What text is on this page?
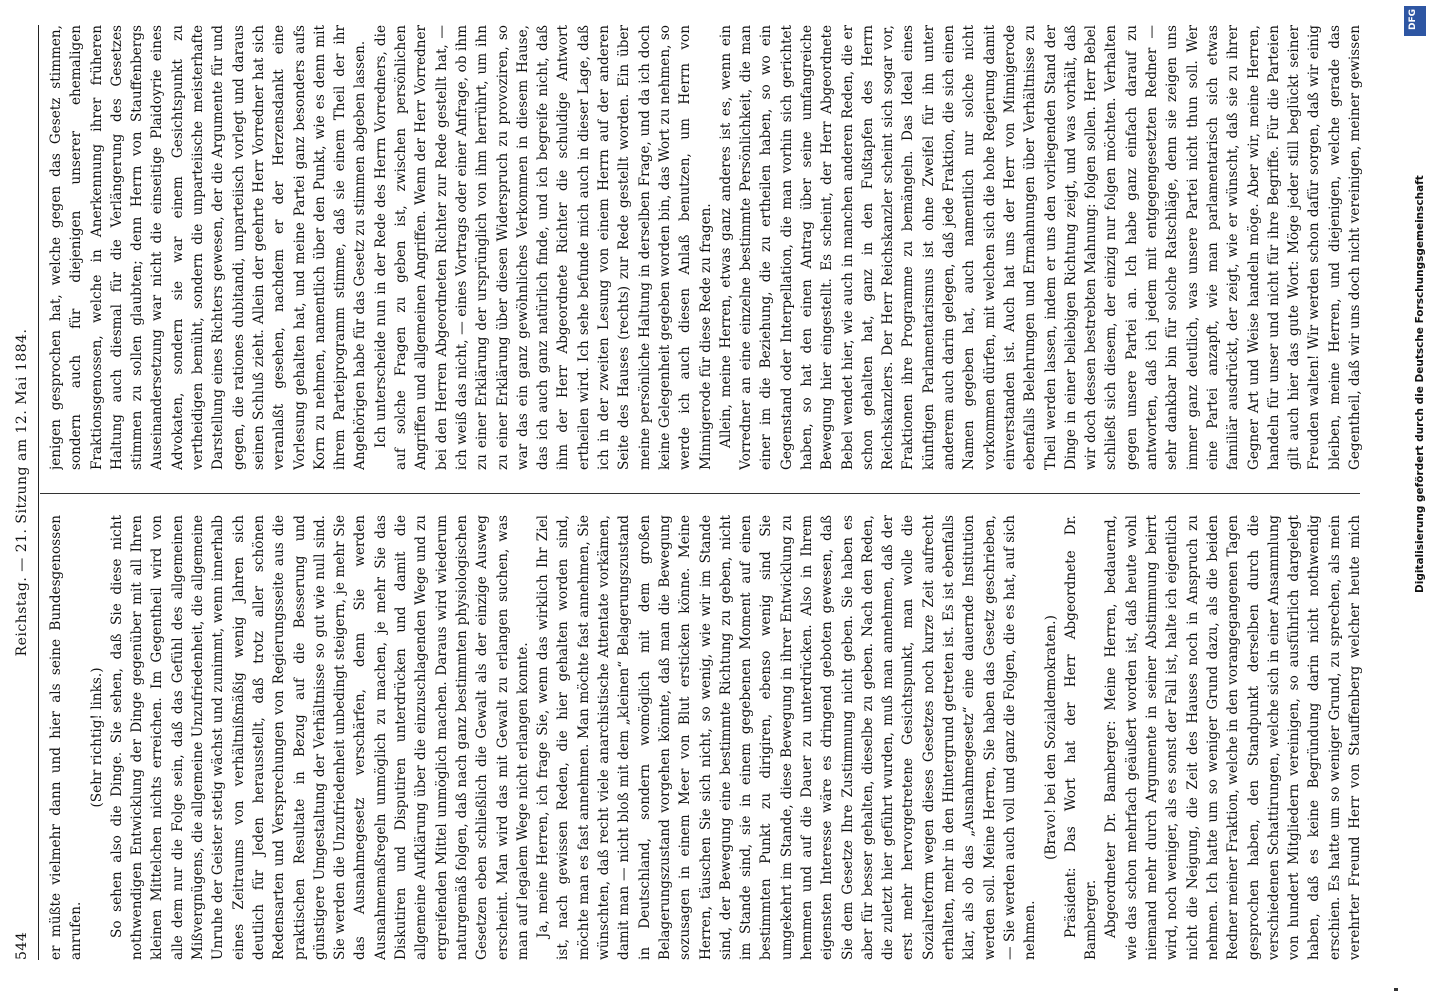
544
Reichstag. — 21. Sitzung am 12. Mai 1884.

er müßte vielmehr dann und hier als seine Bundesgenossen anrufen.

(Sehr richtig! links.) So sehen also die Dinge. Sie sehen, daß Sie diese nicht nothwendigen Entwicklung der Dinge gegenüber mit all Ihren kleinen Mittelchen nichts erreichen. Im Gegentheil wird von alle dem nur die Folge sein, daß das Gefühl des allgemeinen Mißvergnügens, die allgemeine Unzufriedenheit, die allgemeine Unruhe der Geister stetig wächst und zunimmt, wenn innerhalb eines Zeitraums von verhältnißmäßig wenig Jahren sich deutlich für Jeden herausstellt, daß trotz aller schönen Redensarten und Versprechungen von Regierungsseite aus die praktischen Resultate in Bezug auf die Besserung und günstigere Umgestaltung der Verhältnisse so gut wie null sind. Sie werden die Unzufriedenheit unbedingt steigern, je mehr Sie das Ausnahmegesetz verschärfen, denn Sie werden Ausnahmemaßregeln unmöglich zu machen, je mehr Sie das Diskutiren und Disputiren unterdrücken und damit die allgemeine Aufklärung über die einzuschlagenden Wege und zu ergreifenden Mittel unmöglich machen. Daraus wird wiederum naturgemäß folgen, daß nach ganz bestimmten physiologischen Gesetzen eben schließlich die Gewalt als der einzige Ausweg erscheint. Man wird das mit Gewalt zu erlangen suchen, was man auf legalem Wege nicht erlangen konnte. Ja, meine Herren, ich frage Sie, wenn das wirklich Ihr Ziel ist, nach gewissen Reden, die hier gehalten worden sind, möchte man es fast annehmen. Man möchte fast annehmen, Sie wünschten, daß recht viele anarchistische Attentate vorkämen, damit man — nicht bloß mit dem „kleinen“ Belagerungszustand in Deutschland, sondern womöglich mit dem großen Belagerungszustand vorgehen könnte, daß man die Bewegung sozusagen in einem Meer von Blut ersticken könne. Meine Herren, täuschen Sie sich nicht, so wenig, wie wir im Stande sind, der Bewegung eine bestimmte Richtung zu geben, nicht im Stande sind, sie in einem gegebenen Moment auf einen bestimmten Punkt zu dirigiren, ebenso wenig sind Sie umgekehrt im Stande, diese Bewegung in ihrer Entwicklung zu hemmen und auf die Dauer zu unterdrücken. Also in Ihrem eigensten Interesse wäre es dringend geboten gewesen, daß Sie dem Gesetze Ihre Zustimmung nicht geben. Sie haben es aber für besser gehalten, dieselbe zu geben. Nach den Reden, die zuletzt hier geführt wurden, muß man annehmen, daß der erst mehr hervorgetretene Gesichtspunkt, man wolle die Sozialreform wegen dieses Gesetzes noch kurze Zeit aufrecht erhalten, mehr in den Hintergrund getreten ist. Es ist ebenfalls klar, als ob das „Ausnahmegesetz“ eine dauernde Institution werden soll. Meine Herren, Sie haben das Gesetz geschrieben, — Sie werden auch voll und ganz die Folgen, die es hat, auf sich nehmen.

(Bravo! bei den Sozialdemokraten.) Präsident: Das Wort hat der Herr Abgeordnete Dr. Bamberger. Abgeordneter Dr. Bamberger: Meine Herren, bedauernd, wie das schon mehrfach geäußert worden ist, daß heute wohl niemand mehr durch Argumente in seiner Abstimmung beirrt wird, noch weniger, als es sonst der Fall ist, halte ich eigentlich nicht die Neigung, die Zeit des Hauses noch in Anspruch zu nehmen. Ich hatte um so weniger Grund dazu, als die beiden Redner meiner Fraktion, welche in den vorangegangenen Tagen gesprochen haben, den Standpunkt derselben durch die verschiedenen Schattirungen, welche sich in einer Ansammlung von hundert Mitgliedern vereinigen, so ausführlich dargelegt haben, daß es keine Begründung darin nicht nothwendig erschien. Es hatte um so weniger Grund, zu sprechen, als mein verehrter Freund Herr von Stauffenberg welcher heute mich

jenigen gesprochen hat, welche gegen das Gesetz stimmen, sondern auch für diejenigen unserer ehemaligen Fraktionsgenossen, welche in Anerkennung ihrer früheren Haltung auch diesmal für die Verlängerung des Gesetzes stimmen zu sollen glaubten; denn Herrn von Stauffenbergs Auseinandersetzung war nicht die einseitige Plaidoyrie eines Advokaten, sondern sie war einem Gesichtspunkt zu vertheidigen bemüht, sondern die unparteiische meisterhafte Darstellung eines Richters gewesen, der die Argumente für und gegen, die rationes dubitandi, unparteiisch vorlegt und daraus seinen Schluß zieht. Allein der geehrte Herr Vorredner hat sich veranlaßt gesehen, nachdem er der Herzensdankt eine Vorlesung gehalten hat, und meine Partei ganz besonders aufs Korn zu nehmen, namentlich über den Punkt, wie es denn mit ihrem Parteiprogramm stimme, daß sie einem Theil der ihr Angehörigen habe für das Gesetz zu stimmen abgeben lassen. Ich unterscheide nun in der Rede des Herrn Vorredners, die auf solche Fragen zu geben ist, zwischen persönlichen Angriffen und allgemeinen Angriffen. Wenn der Herr Vorredner bei den Herren Abgeordneten Richter zur Rede gestellt hat, — ich weiß das nicht, — eines Vortrags oder einer Anfrage, ob ihm zu einer Erklärung der ursprünglich von ihm herrührt, um ihn zu einer Erklärung über diesen Widerspruch zu provoziren, so war das ein ganz gewöhnliches Verkommen in diesem Hause, das ich auch ganz natürlich finde, und ich begreife nicht, daß ihm der Herr Abgeordnete Richter die schuldige Antwort ertheilen wird. Ich sehe befunde mich auch in dieser Lage, daß ich in der zweiten Lesung von einem Herrn auf der anderen Seite des Hauses (rechts) zur Rede gestellt worden. Ein über meine persönliche Haltung in derselben Frage, und da ich doch keine Gelegenheit gegeben worden bin, das Wort zu nehmen, so werde ich auch diesen Anlaß benutzen, um Herrn von Minnigerode für diese Rede zu fragen. Allein, meine Herren, etwas ganz anderes ist es, wenn ein Vorredner an eine einzelne bestimmte Persönlichkeit, die man einer im die Beziehung, die zu ertheilen haben, so wo ein Gegenstand oder Interpellation, die man vorhin sich gerichtet haben, so hat den einen Antrag über seine umfangreiche Bewegung hier eingestellt. Es scheint, der Herr Abgeordnete Bebel wendet hier, wie auch in manchen anderen Reden, die er schon gehalten hat, ganz in den Fußtapfen des Herrn Reichskanzlers. Der Herr Reichskanzler scheint sich sogar vor, Fraktionen ihre Programme zu bemängeln. Das Ideal eines künftigen Parlamentarismus ist ohne Zweifel für ihn unter anderem auch darin gelegen, daß jede Fraktion, die sich einen Namen gegeben hat, auch namentlich nur solche nicht vorkommen dürfen, mit welchen sich die hohe Regierung damit einverstanden ist. Auch hat uns der Herr von Minnigerode ebenfalls Belehrungen und Ermahnungen über Verhältnisse zu Theil werden lassen, indem er uns den vorliegenden Stand der Dinge in einer beliebigen Richtung zeigt, und was vorhält, daß wir doch dessen bestrebten Mahnung: folgen sollen. Herr Bebel schließt sich diesem, der einzig nur folgen möchten. Verhalten gegen unsere Partei an. Ich habe ganz einfach darauf zu antworten, daß ich jedem mit entgegengesetzten Redner — sehr dankbar bin für solche Ratschläge, denn sie zeigen uns immer ganz deutlich, was unsere Partei nicht thun soll. Wer eine Partei anzapft, wie man parlamentarisch sich etwas familiär ausdrückt, der zeigt, wie er wünscht, daß sie zu ihrer Gegner Art und Weise handeln möge. Aber wir, meine Herren, handeln für unser und nicht für ihre Begriffe. Für die Parteien gilt auch hier das gute Wort: Möge jeder still beglückt seiner Freuden walten! Wir werden schon dafür sorgen, daß wir einig bleiben, meine Herren, und diejenigen, welche gerade das Gegentheil, daß wir uns doch nicht vereinigen, meiner gewissen

Digitalisierung gefördert durch die Deutsche Forschungsgemeinschaft
DFG
